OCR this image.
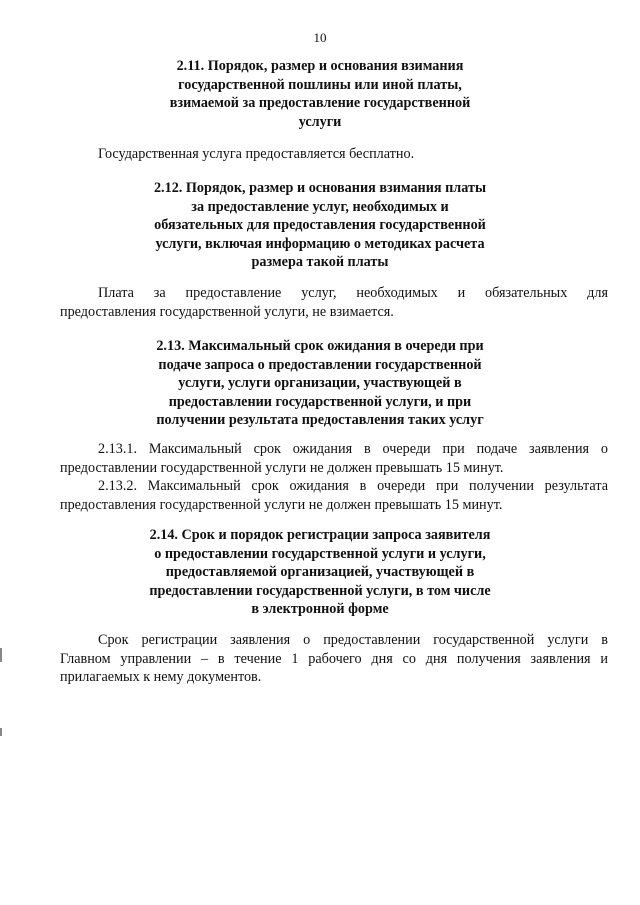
10
2.11. Порядок, размер и основания взимания
государственной пошлины или иной платы,
взимаемой за предоставление государственной
услуги
Государственная услуга предоставляется бесплатно.
2.12. Порядок, размер и основания взимания платы
за предоставление услуг, необходимых и
обязательных для предоставления государственной
услуги, включая информацию о методиках расчета
размера такой платы
Плата за предоставление услуг, необходимых и обязательных для
предоставления государственной услуги, не взимается.
2.13. Максимальный срок ожидания в очереди при
подаче запроса о предоставлении государственной
услуги, услуги организации, участвующей в
предоставлении государственной услуги, и при
получении результата предоставления таких услуг
2.13.1. Максимальный срок ожидания в очереди при подаче заявления о
предоставлении государственной услуги не должен превышать 15 минут.
2.13.2. Максимальный срок ожидания в очереди при получении результата
предоставления государственной услуги не должен превышать 15 минут.
2.14. Срок и порядок регистрации запроса заявителя
о предоставлении государственной услуги и услуги,
предоставляемой организацией, участвующей в
предоставлении государственной услуги, в том числе
в электронной форме
Срок регистрации заявления о предоставлении государственной услуги в
Главном управлении – в течение 1 рабочего дня со дня получения заявления и
прилагаемых к нему документов.
